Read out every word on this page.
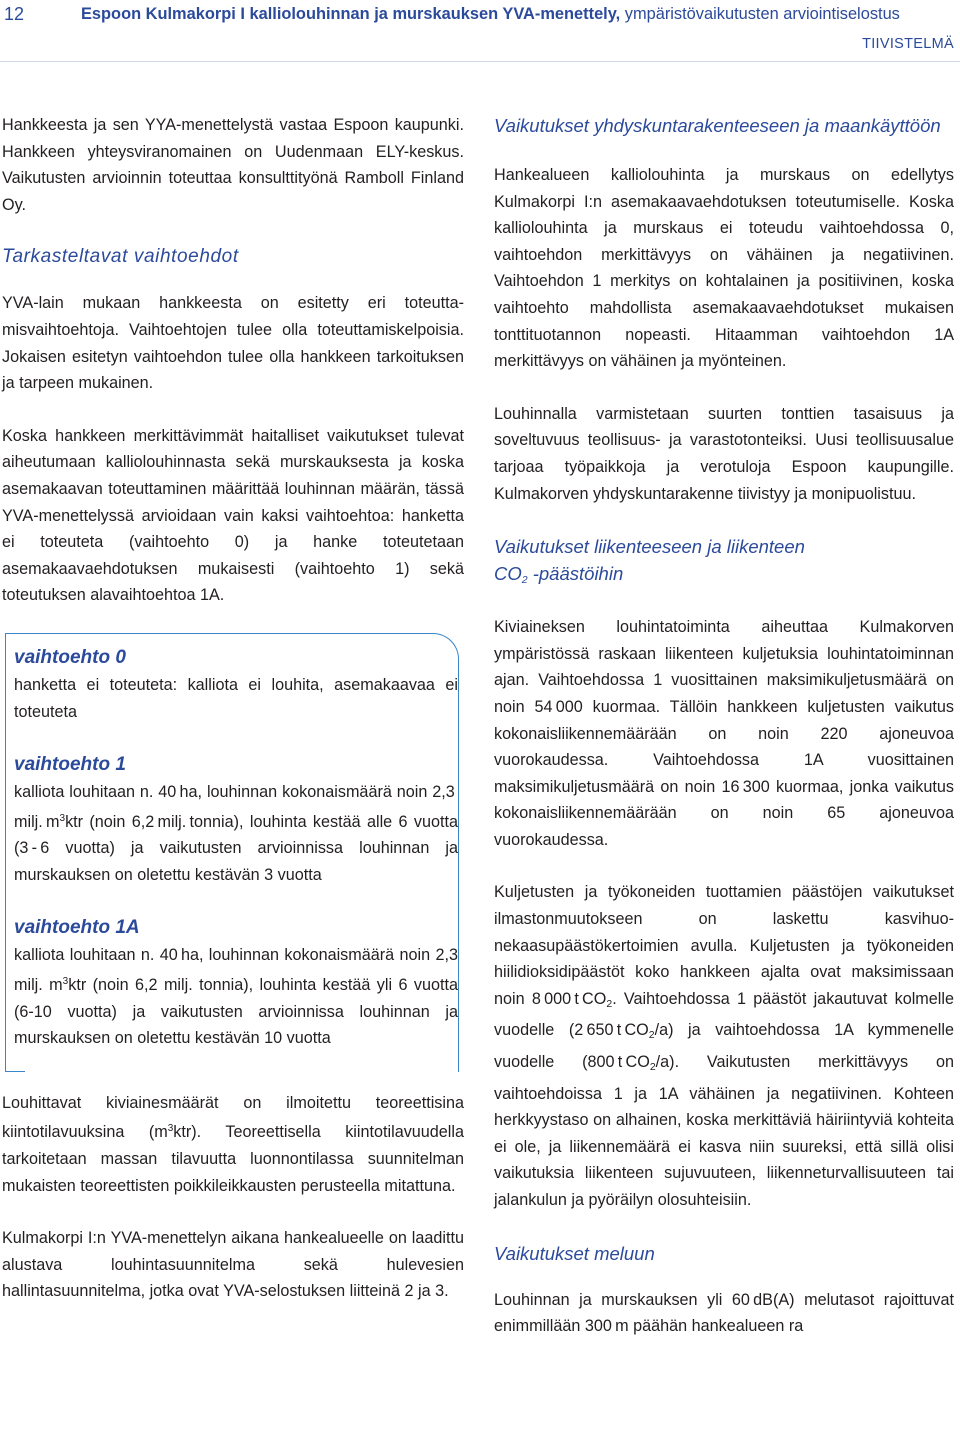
12	Espoon Kulmakorpi I kalliolouhinnan ja murskauksen YVA-menettely, ympäristövaikutusten arviointiselostus
TIIVISTELMÄ

Hankkeesta ja sen YYA-menettelystä vastaa Espoon kaupunki. Hankkeen yhteysviranomainen on Uudenmaan ELY-keskus. Vaikutusten arvioinnin toteuttaa konsulttityönä Ramboll Finland Oy.

Tarkasteltavat vaihtoehdot

YVA-lain mukaan hankkeesta on esitetty eri toteuttamisvaihtoehtoja. Vaihtoehtojen tulee olla toteuttamiskelpoisia. Jokaisen esitetyn vaihtoehdon tulee olla hankkeen tarkoituksen ja tarpeen mukainen.

Koska hankkeen merkittävimmät haitalliset vaikutukset tulevat aiheutumaan kalliolouhinnasta sekä murskauksesta ja koska asemakaavan toteuttaminen määrittää louhinnan määrän, tässä YVA-menettelyssä arvioidaan vain kaksi vaihtoehtoa: hanketta ei toteuteta (vaihtoehto 0) ja hanke toteutetaan asemakaavaehdotuksen mukaisesti (vaihtoehto 1) sekä toteutuksen alavaihtoehtoa 1A.

vaihtoehto 0

hanketta ei toteuteta: kalliota ei louhita, asemakaavaa ei toteuteta

vaihtoehto 1

kalliota louhitaan n. 40 ha, louhinnan kokonaismäärä noin 2,3 milj. $m^3ktr$ (noin 6,2 milj. tonnia), louhinta kestää alle 6 vuotta (3 - 6 vuotta) ja vaikutusten arvioinnissa louhinnan ja murskauksen on oletettu kestävän 3 vuotta

vaihtoehto 1A

kalliota louhitaan n. 40 ha, louhinnan kokonaismäärä noin 2,3 milj. $m^3ktr$ (noin 6,2 milj. tonnia), louhinta kestää yli 6 vuotta (6-10 vuotta) ja vaikutusten arvioinnissa louhinnan ja murskauksen on oletettu kestävän 10 vuotta

Louhittavat kiviainesmäärät on ilmoitettu teoreettisina kiintotilavuuksina $(m^3ktr)$. Teoreettisella kiintotilavuudella tarkoitetaan massan tilavuutta luonnontilassa suunnitelman mukaisten teoreettisten poikkileikkausten perusteella mitattuna.

Kulmakorpi I:n YVA-menettelyn aikana hankealueelle on laadittu alustava louhintasuunnitelma sekä hulevesien hallintasuunnitelma, jotka ovat YVA-selostuksen liitteinä 2 ja 3.

Vaikutukset yhdyskuntarakenteeseen ja maankäyttöön

Hankealueen kalliolouhinta ja murskaus on edellytys Kulmakorpi I:n asemakaavaehdotuksen toteutumiselle. Koska kalliolouhinta ja murskaus ei toteudu vaihtoehdossa 0, vaihtoehdon merkittävyys on vähäinen ja negatiivinen. Vaihtoehdon 1 merkitys on kohtalainen ja positiivinen, koska vaihtoehto mahdollista asemakaavaehdotukset mukaisen tonttituotannon nopeasti. Hitaamman vaihtoehdon 1A merkittävyys on vähäinen ja myönteinen.

Louhinnalla varmistetaan suurten tonttien tasaisuus ja soveltuvuus teollisuus- ja varastotonteiksi. Uusi teollisuusalue tarjoaa työpaikkoja ja verotuloja Espoon kaupungille. Kulmakorven yhdyskuntarakenne tiivistyy ja monipuolistuu.

Vaikutukset liikenteeseen ja liikenteen
$CO_2$ -päästöihin

Kiviaineksen louhintatoiminta aiheuttaa Kulmakorven ympäristössä raskaan liikenteen kuljetuksia louhintatoiminnan ajan. Vaihtoehdossa 1 vuosittainen maksimikuljetusmäärä on noin 54 000 kuormaa. Tällöin hankkeen kuljetusten vaikutus kokonaisliikennemäärään on noin 220 ajoneuvoa vuorokaudessa. Vaihtoehdossa 1A vuosittainen maksimikuljetusmäärä on noin 16 300 kuormaa, jonka vaikutus kokonaisliikennemäärään on noin 65 ajoneuvoa vuorokaudessa.

Kuljetusten ja työkoneiden tuottamien päästöjen vaikutukset ilmastonmuutokseen on laskettu kasvihuonekaasupäästökertoimien avulla. Kuljetusten ja työkoneiden hiilidioksidipäästöt koko hankkeen ajalta ovat maksimissaan noin 8 000 t $CO_2$. Vaihtoehdossa 1 päästöt jakautuvat kolmelle vuodelle (2 650 t $CO_2/a$) ja vaihtoehdossa 1A kymmenelle vuodelle (800 t $CO_2/a$). Vaikutusten merkittävyys on vaihtoehdoissa 1 ja 1A vähäinen ja negatiivinen. Kohteen herkkyystaso on alhainen, koska merkittäviä häiriintyviä kohteita ei ole, ja liikennemäärä ei kasva niin suureksi, että sillä olisi vaikutuksia liikenteen sujuvuuteen, liikenneturvallisuuteen tai jalankulun ja pyöräilyn olosuhteisiin.

Vaikutukset meluun

Louhinnan ja murskauksen yli 60 dB(A) melutasot rajoittuvat enimmillään 300 m päähän hankealueen ra
